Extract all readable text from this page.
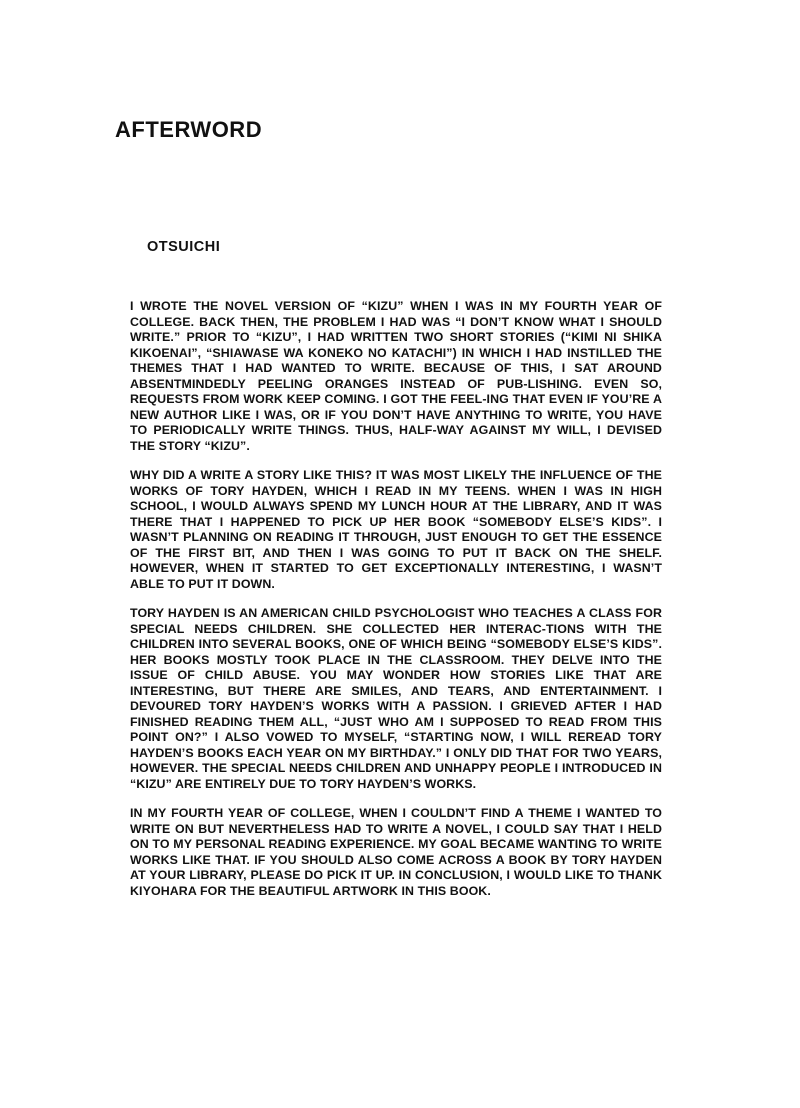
AFTERWORD
OTSUICHI

I WROTE THE NOVEL VERSION OF “KIZU” WHEN I WAS IN MY FOURTH YEAR OF COLLEGE. BACK THEN, THE PROBLEM I HAD WAS “I DON’T KNOW WHAT I SHOULD WRITE.” PRIOR TO “KIZU”, I HAD WRITTEN TWO SHORT STORIES (“KIMI NI SHIKA KIKOENAI”, “SHIAWASE WA KONEKO NO KATACHI”) IN WHICH I HAD INSTILLED THE THEMES THAT I HAD WANTED TO WRITE. BECAUSE OF THIS, I SAT AROUND ABSENTMINDEDLY PEELING ORANGES INSTEAD OF PUB-LISHING. EVEN SO, REQUESTS FROM WORK KEEP COMING. I GOT THE FEEL-ING THAT EVEN IF YOU’RE A NEW AUTHOR LIKE I WAS, OR IF YOU DON’T HAVE ANYTHING TO WRITE, YOU HAVE TO PERIODICALLY WRITE THINGS. THUS, HALF-WAY AGAINST MY WILL, I DEVISED THE STORY “KIZU”.

WHY DID A WRITE A STORY LIKE THIS? IT WAS MOST LIKELY THE INFLUENCE OF THE WORKS OF TORY HAYDEN, WHICH I READ IN MY TEENS. WHEN I WAS IN HIGH SCHOOL, I WOULD ALWAYS SPEND MY LUNCH HOUR AT THE LIBRARY, AND IT WAS THERE THAT I HAPPENED TO PICK UP HER BOOK “SOMEBODY ELSE’S KIDS”. I WASN’T PLANNING ON READING IT THROUGH, JUST ENOUGH TO GET THE ESSENCE OF THE FIRST BIT, AND THEN I WAS GOING TO PUT IT BACK ON THE SHELF. HOWEVER, WHEN IT STARTED TO GET EXCEPTIONALLY INTERESTING, I WASN’T ABLE TO PUT IT DOWN.

TORY HAYDEN IS AN AMERICAN CHILD PSYCHOLOGIST WHO TEACHES A CLASS FOR SPECIAL NEEDS CHILDREN. SHE COLLECTED HER INTERAC-TIONS WITH THE CHILDREN INTO SEVERAL BOOKS, ONE OF WHICH BEING “SOMEBODY ELSE’S KIDS”. HER BOOKS MOSTLY TOOK PLACE IN THE CLASSROOM. THEY DELVE INTO THE ISSUE OF CHILD ABUSE. YOU MAY WONDER HOW STORIES LIKE THAT ARE INTERESTING, BUT THERE ARE SMILES, AND TEARS, AND ENTERTAINMENT. I DEVOURED TORY HAYDEN’S WORKS WITH A PASSION. I GRIEVED AFTER I HAD FINISHED READING THEM ALL, “JUST WHO AM I SUPPOSED TO READ FROM THIS POINT ON?” I ALSO VOWED TO MYSELF, “STARTING NOW, I WILL REREAD TORY HAYDEN’S BOOKS EACH YEAR ON MY BIRTHDAY.” I ONLY DID THAT FOR TWO YEARS, HOWEVER. THE SPECIAL NEEDS CHILDREN AND UNHAPPY PEOPLE I INTRODUCED IN “KIZU” ARE ENTIRELY DUE TO TORY HAYDEN’S WORKS.

IN MY FOURTH YEAR OF COLLEGE, WHEN I COULDN’T FIND A THEME I WANTED TO WRITE ON BUT NEVERTHELESS HAD TO WRITE A NOVEL, I COULD SAY THAT I HELD ON TO MY PERSONAL READING EXPERIENCE. MY GOAL BECAME WANTING TO WRITE WORKS LIKE THAT. IF YOU SHOULD ALSO COME ACROSS A BOOK BY TORY HAYDEN AT YOUR LIBRARY, PLEASE DO PICK IT UP. IN CONCLUSION, I WOULD LIKE TO THANK KIYOHARA FOR THE BEAUTIFUL ARTWORK IN THIS BOOK.
